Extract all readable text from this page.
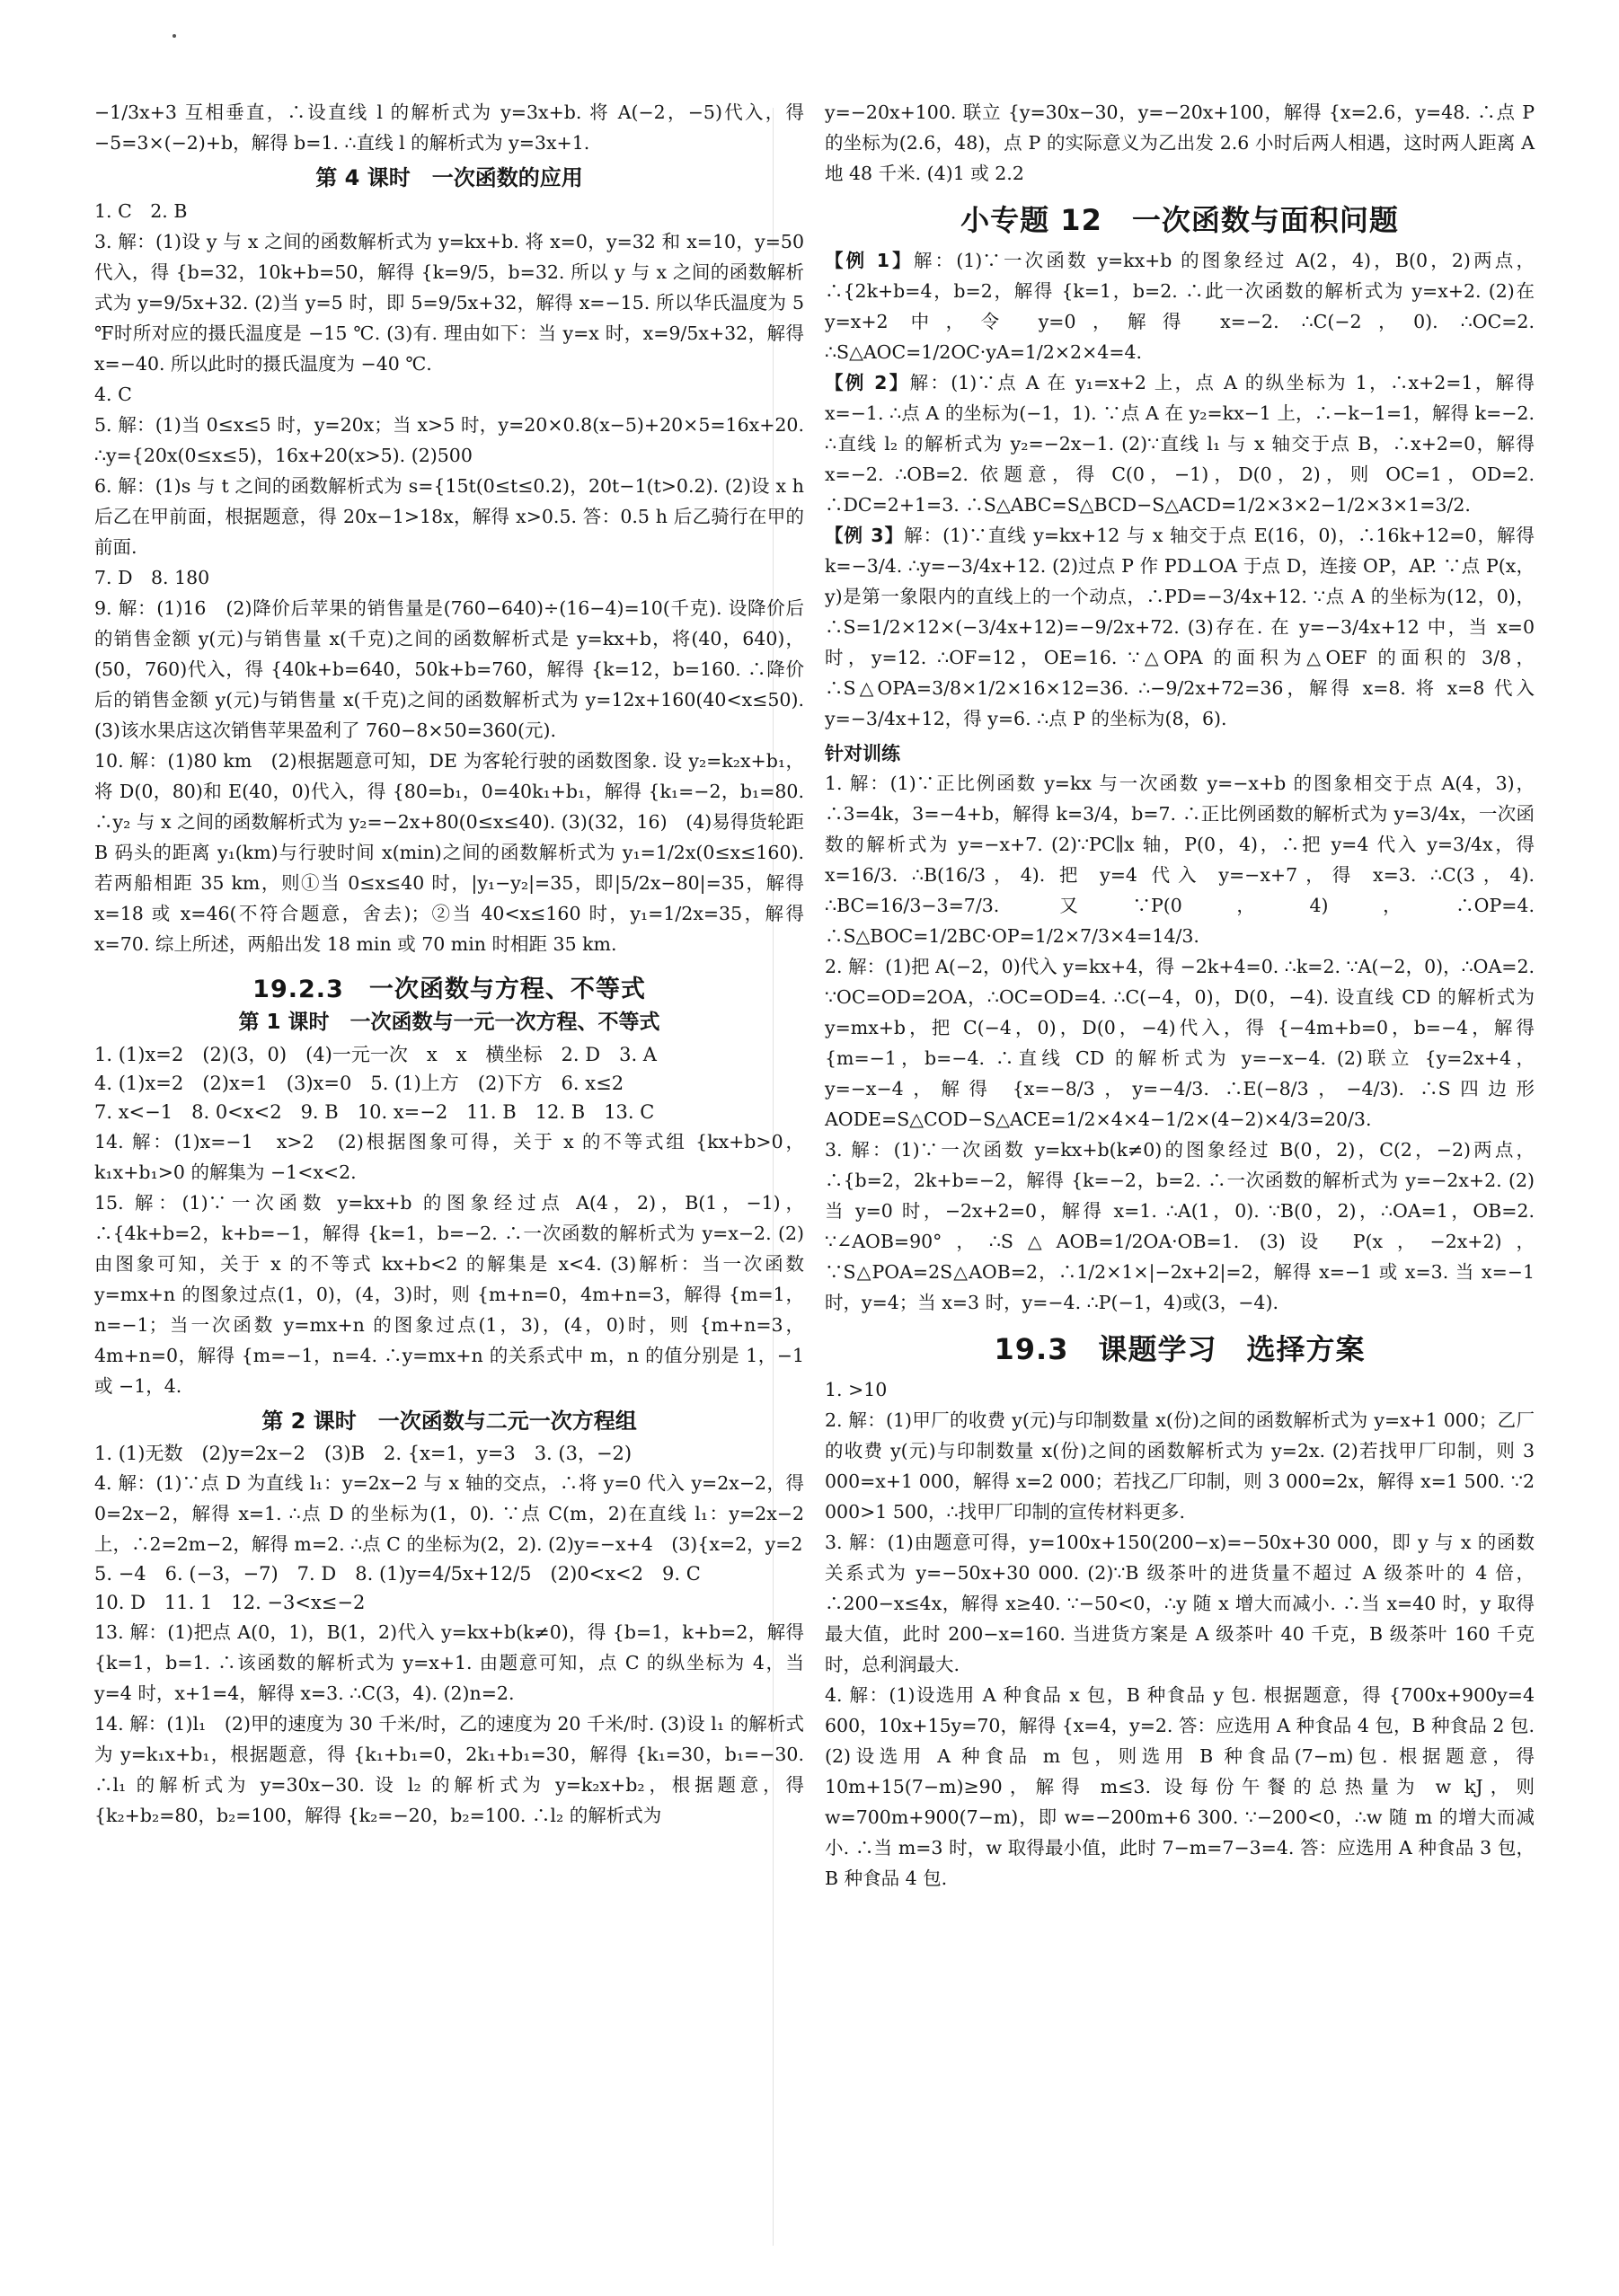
−1/3x+3 互相垂直，∴设直线 l 的解析式为 y=3x+b. 将 A(−2，−5)代入，得 −5=3×(−2)+b，解得 b=1. ∴直线 l 的解析式为 y=3x+1.

第 4 课时　一次函数的应用

1. C　2. B

3. 解：(1)设 y 与 x 之间的函数解析式为 y=kx+b. 将 x=0，y=32 和 x=10，y=50 代入，得 {b=32，10k+b=50，解得 {k=9/5，b=32. 所以 y 与 x 之间的函数解析式为 y=9/5x+32. (2)当 y=5 时，即 5=9/5x+32，解得 x=−15. 所以华氏温度为 5 ℉时所对应的摄氏温度是 −15 ℃. (3)有. 理由如下：当 y=x 时，x=9/5x+32，解得 x=−40. 所以此时的摄氏温度为 −40 ℃.

4. C

5. 解：(1)当 0≤x≤5 时，y=20x；当 x>5 时，y=20×0.8(x−5)+20×5=16x+20. ∴y={20x(0≤x≤5)，16x+20(x>5). (2)500

6. 解：(1)s 与 t 之间的函数解析式为 s={15t(0≤t≤0.2)，20t−1(t>0.2). (2)设 x h 后乙在甲前面，根据题意，得 20x−1>18x，解得 x>0.5. 答：0.5 h 后乙骑行在甲的前面.

7. D　8. 180

9. 解：(1)16　(2)降价后苹果的销售量是(760−640)÷(16−4)=10(千克). 设降价后的销售金额 y(元)与销售量 x(千克)之间的函数解析式是 y=kx+b，将(40，640)，(50，760)代入，得 {40k+b=640，50k+b=760，解得 {k=12，b=160. ∴降价后的销售金额 y(元)与销售量 x(千克)之间的函数解析式为 y=12x+160(40<x≤50). (3)该水果店这次销售苹果盈利了 760−8×50=360(元).

10. 解：(1)80 km　(2)根据题意可知，DE 为客轮行驶的函数图象. 设 y₂=k₂x+b₁，将 D(0，80)和 E(40，0)代入，得 {80=b₁，0=40k₁+b₁，解得 {k₁=−2，b₁=80. ∴y₂ 与 x 之间的函数解析式为 y₂=−2x+80(0≤x≤40). (3)(32，16)　(4)易得货轮距 B 码头的距离 y₁(km)与行驶时间 x(min)之间的函数解析式为 y₁=1/2x(0≤x≤160). 若两船相距 35 km，则①当 0≤x≤40 时，|y₁−y₂|=35，即|5/2x−80|=35，解得 x=18 或 x=46(不符合题意，舍去)；②当 40<x≤160 时，y₁=1/2x=35，解得 x=70. 综上所述，两船出发 18 min 或 70 min 时相距 35 km.

19.2.3　一次函数与方程、不等式
第 1 课时　一次函数与一元一次方程、不等式

1. (1)x=2　(2)(3，0)　(4)一元一次　x　x　横坐标　2. D　3. A

4. (1)x=2　(2)x=1　(3)x=0　5. (1)上方　(2)下方　6. x≤2

7. x<−1　8. 0<x<2　9. B　10. x=−2　11. B　12. B　13. C

14. 解：(1)x=−1　x>2　(2)根据图象可得，关于 x 的不等式组 {kx+b>0，k₁x+b₁>0 的解集为 −1<x<2.

15. 解：(1)∵一次函数 y=kx+b 的图象经过点 A(4，2)，B(1，−1)，∴{4k+b=2，k+b=−1，解得 {k=1，b=−2. ∴一次函数的解析式为 y=x−2. (2)由图象可知，关于 x 的不等式 kx+b<2 的解集是 x<4. (3)解析：当一次函数 y=mx+n 的图象过点(1，0)，(4，3)时，则 {m+n=0，4m+n=3，解得 {m=1，n=−1；当一次函数 y=mx+n 的图象过点(1，3)，(4，0)时，则 {m+n=3，4m+n=0，解得 {m=−1，n=4. ∴y=mx+n 的关系式中 m，n 的值分别是 1，−1 或 −1，4.

第 2 课时　一次函数与二元一次方程组

1. (1)无数　(2)y=2x−2　(3)B　2. {x=1，y=3　3. (3，−2)

4. 解：(1)∵点 D 为直线 l₁：y=2x−2 与 x 轴的交点，∴将 y=0 代入 y=2x−2，得 0=2x−2，解得 x=1. ∴点 D 的坐标为(1，0). ∵点 C(m，2)在直线 l₁：y=2x−2 上，∴2=2m−2，解得 m=2. ∴点 C 的坐标为(2，2). (2)y=−x+4　(3){x=2，y=2

5. −4　6. (−3，−7)　7. D　8. (1)y=4/5x+12/5　(2)0<x<2　9. C

10. D　11. 1　12. −3<x≤−2

13. 解：(1)把点 A(0，1)，B(1，2)代入 y=kx+b(k≠0)，得 {b=1，k+b=2，解得 {k=1，b=1. ∴该函数的解析式为 y=x+1. 由题意可知，点 C 的纵坐标为 4，当 y=4 时，x+1=4，解得 x=3. ∴C(3，4). (2)n=2.

14. 解：(1)l₁　(2)甲的速度为 30 千米/时，乙的速度为 20 千米/时. (3)设 l₁ 的解析式为 y=k₁x+b₁，根据题意，得 {k₁+b₁=0，2k₁+b₁=30，解得 {k₁=30，b₁=−30. ∴l₁ 的解析式为 y=30x−30. 设 l₂ 的解析式为 y=k₂x+b₂，根据题意，得 {k₂+b₂=80，b₂=100，解得 {k₂=−20，b₂=100. ∴l₂ 的解析式为

y=−20x+100. 联立 {y=30x−30，y=−20x+100，解得 {x=2.6，y=48. ∴点 P 的坐标为(2.6，48)，点 P 的实际意义为乙出发 2.6 小时后两人相遇，这时两人距离 A 地 48 千米. (4)1 或 2.2

小专题 12　一次函数与面积问题

【例 1】解：(1)∵一次函数 y=kx+b 的图象经过 A(2，4)，B(0，2)两点，∴{2k+b=4，b=2，解得 {k=1，b=2. ∴此一次函数的解析式为 y=x+2. (2)在 y=x+2 中，令 y=0，解得 x=−2. ∴C(−2，0). ∴OC=2. ∴S△AOC=1/2OC·yA=1/2×2×4=4.

【例 2】解：(1)∵点 A 在 y₁=x+2 上，点 A 的纵坐标为 1，∴x+2=1，解得 x=−1. ∴点 A 的坐标为(−1，1). ∵点 A 在 y₂=kx−1 上，∴−k−1=1，解得 k=−2. ∴直线 l₂ 的解析式为 y₂=−2x−1. (2)∵直线 l₁ 与 x 轴交于点 B，∴x+2=0，解得 x=−2. ∴OB=2. 依题意，得 C(0，−1)，D(0，2)，则 OC=1，OD=2. ∴DC=2+1=3. ∴S△ABC=S△BCD−S△ACD=1/2×3×2−1/2×3×1=3/2.

【例 3】解：(1)∵直线 y=kx+12 与 x 轴交于点 E(16，0)，∴16k+12=0，解得 k=−3/4. ∴y=−3/4x+12. (2)过点 P 作 PD⊥OA 于点 D，连接 OP，AP. ∵点 P(x，y)是第一象限内的直线上的一个动点，∴PD=−3/4x+12. ∵点 A 的坐标为(12，0)，∴S=1/2×12×(−3/4x+12)=−9/2x+72. (3)存在. 在 y=−3/4x+12 中，当 x=0 时，y=12. ∴OF=12，OE=16. ∵△OPA 的面积为△OEF 的面积的 3/8，∴S△OPA=3/8×1/2×16×12=36. ∴−9/2x+72=36，解得 x=8. 将 x=8 代入 y=−3/4x+12，得 y=6. ∴点 P 的坐标为(8，6).

针对训练

1. 解：(1)∵正比例函数 y=kx 与一次函数 y=−x+b 的图象相交于点 A(4，3)，∴3=4k，3=−4+b，解得 k=3/4，b=7. ∴正比例函数的解析式为 y=3/4x，一次函数的解析式为 y=−x+7. (2)∵PC∥x 轴，P(0，4)，∴把 y=4 代入 y=3/4x，得 x=16/3. ∴B(16/3，4). 把 y=4 代入 y=−x+7，得 x=3. ∴C(3，4). ∴BC=16/3−3=7/3. 又∵P(0，4)，∴OP=4. ∴S△BOC=1/2BC·OP=1/2×7/3×4=14/3.

2. 解：(1)把 A(−2，0)代入 y=kx+4，得 −2k+4=0. ∴k=2. ∵A(−2，0)，∴OA=2. ∵OC=OD=2OA，∴OC=OD=4. ∴C(−4，0)，D(0，−4). 设直线 CD 的解析式为 y=mx+b，把 C(−4，0)，D(0，−4)代入，得 {−4m+b=0，b=−4，解得 {m=−1，b=−4. ∴直线 CD 的解析式为 y=−x−4. (2)联立 {y=2x+4，y=−x−4，解得 {x=−8/3，y=−4/3. ∴E(−8/3，−4/3). ∴S四边形AODE=S△COD−S△ACE=1/2×4×4−1/2×(4−2)×4/3=20/3.

3. 解：(1)∵一次函数 y=kx+b(k≠0)的图象经过 B(0，2)，C(2，−2)两点，∴{b=2，2k+b=−2，解得 {k=−2，b=2. ∴一次函数的解析式为 y=−2x+2. (2)当 y=0 时，−2x+2=0，解得 x=1. ∴A(1，0). ∵B(0，2)，∴OA=1，OB=2. ∵∠AOB=90°，∴S△AOB=1/2OA·OB=1. (3)设 P(x，−2x+2)，∵S△POA=2S△AOB=2，∴1/2×1×|−2x+2|=2，解得 x=−1 或 x=3. 当 x=−1 时，y=4；当 x=3 时，y=−4. ∴P(−1，4)或(3，−4).

19.3　课题学习　选择方案

1. >10

2. 解：(1)甲厂的收费 y(元)与印制数量 x(份)之间的函数解析式为 y=x+1 000；乙厂的收费 y(元)与印制数量 x(份)之间的函数解析式为 y=2x. (2)若找甲厂印制，则 3 000=x+1 000，解得 x=2 000；若找乙厂印制，则 3 000=2x，解得 x=1 500. ∵2 000>1 500，∴找甲厂印制的宣传材料更多.

3. 解：(1)由题意可得，y=100x+150(200−x)=−50x+30 000，即 y 与 x 的函数关系式为 y=−50x+30 000. (2)∵B 级茶叶的进货量不超过 A 级茶叶的 4 倍，∴200−x≤4x，解得 x≥40. ∵−50<0，∴y 随 x 增大而减小. ∴当 x=40 时，y 取得最大值，此时 200−x=160. 当进货方案是 A 级茶叶 40 千克，B 级茶叶 160 千克时，总利润最大.

4. 解：(1)设选用 A 种食品 x 包，B 种食品 y 包. 根据题意，得 {700x+900y=4 600，10x+15y=70，解得 {x=4，y=2. 答：应选用 A 种食品 4 包，B 种食品 2 包. (2)设选用 A 种食品 m 包，则选用 B 种食品(7−m)包. 根据题意，得 10m+15(7−m)≥90，解得 m≤3. 设每份午餐的总热量为 w kJ，则 w=700m+900(7−m)，即 w=−200m+6 300. ∵−200<0，∴w 随 m 的增大而减小. ∴当 m=3 时，w 取得最小值，此时 7−m=7−3=4. 答：应选用 A 种食品 3 包，B 种食品 4 包.
